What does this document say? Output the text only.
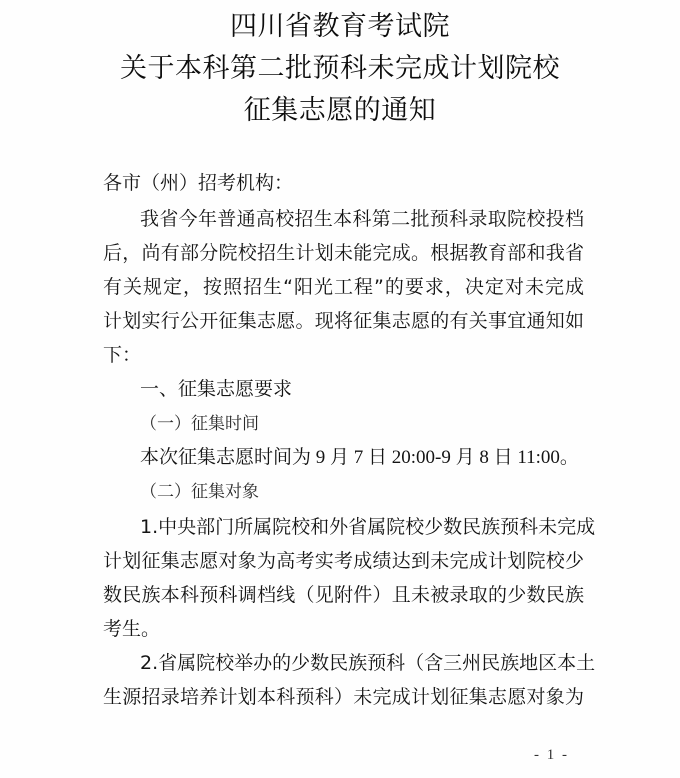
四川省教育考试院
关于本科第二批预科未完成计划院校
征集志愿的通知
各市（州）招考机构：
我省今年普通高校招生本科第二批预科录取院校投档
后，尚有部分院校招生计划未能完成。根据教育部和我省
有关规定，按照招生“阳光工程”的要求，决定对未完成
计划实行公开征集志愿。现将征集志愿的有关事宜通知如
下：
一、征集志愿要求
（一）征集时间
本次征集志愿时间为 9 月 7 日 20:00-9 月 8 日 11:00。
（二）征集对象
1.中央部门所属院校和外省属院校少数民族预科未完成
计划征集志愿对象为高考实考成绩达到未完成计划院校少
数民族本科预科调档线（见附件）且未被录取的少数民族
考生。
2.省属院校举办的少数民族预科（含三州民族地区本土
生源招录培养计划本科预科）未完成计划征集志愿对象为
- 1 -
